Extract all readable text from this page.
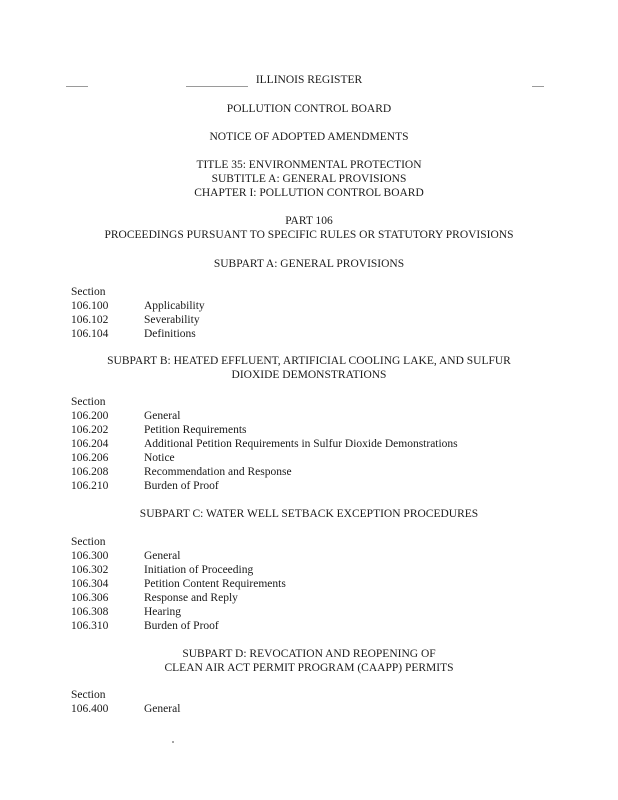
ILLINOIS REGISTER
POLLUTION CONTROL BOARD
NOTICE OF ADOPTED AMENDMENTS
TITLE 35: ENVIRONMENTAL PROTECTION
SUBTITLE A: GENERAL PROVISIONS
CHAPTER I: POLLUTION CONTROL BOARD
PART 106
PROCEEDINGS PURSUANT TO SPECIFIC RULES OR STATUTORY PROVISIONS
SUBPART A: GENERAL PROVISIONS
Section
106.100	Applicability
106.102	Severability
106.104	Definitions
SUBPART B: HEATED EFFLUENT, ARTIFICIAL COOLING LAKE, AND SULFUR
DIOXIDE DEMONSTRATIONS
Section
106.200	General
106.202	Petition Requirements
106.204	Additional Petition Requirements in Sulfur Dioxide Demonstrations
106.206	Notice
106.208	Recommendation and Response
106.210	Burden of Proof
SUBPART C: WATER WELL SETBACK EXCEPTION PROCEDURES
Section
106.300	General
106.302	Initiation of Proceeding
106.304	Petition Content Requirements
106.306	Response and Reply
106.308	Hearing
106.310	Burden of Proof
SUBPART D: REVOCATION AND REOPENING OF
CLEAN AIR ACT PERMIT PROGRAM (CAAPP) PERMITS
Section
106.400	General
